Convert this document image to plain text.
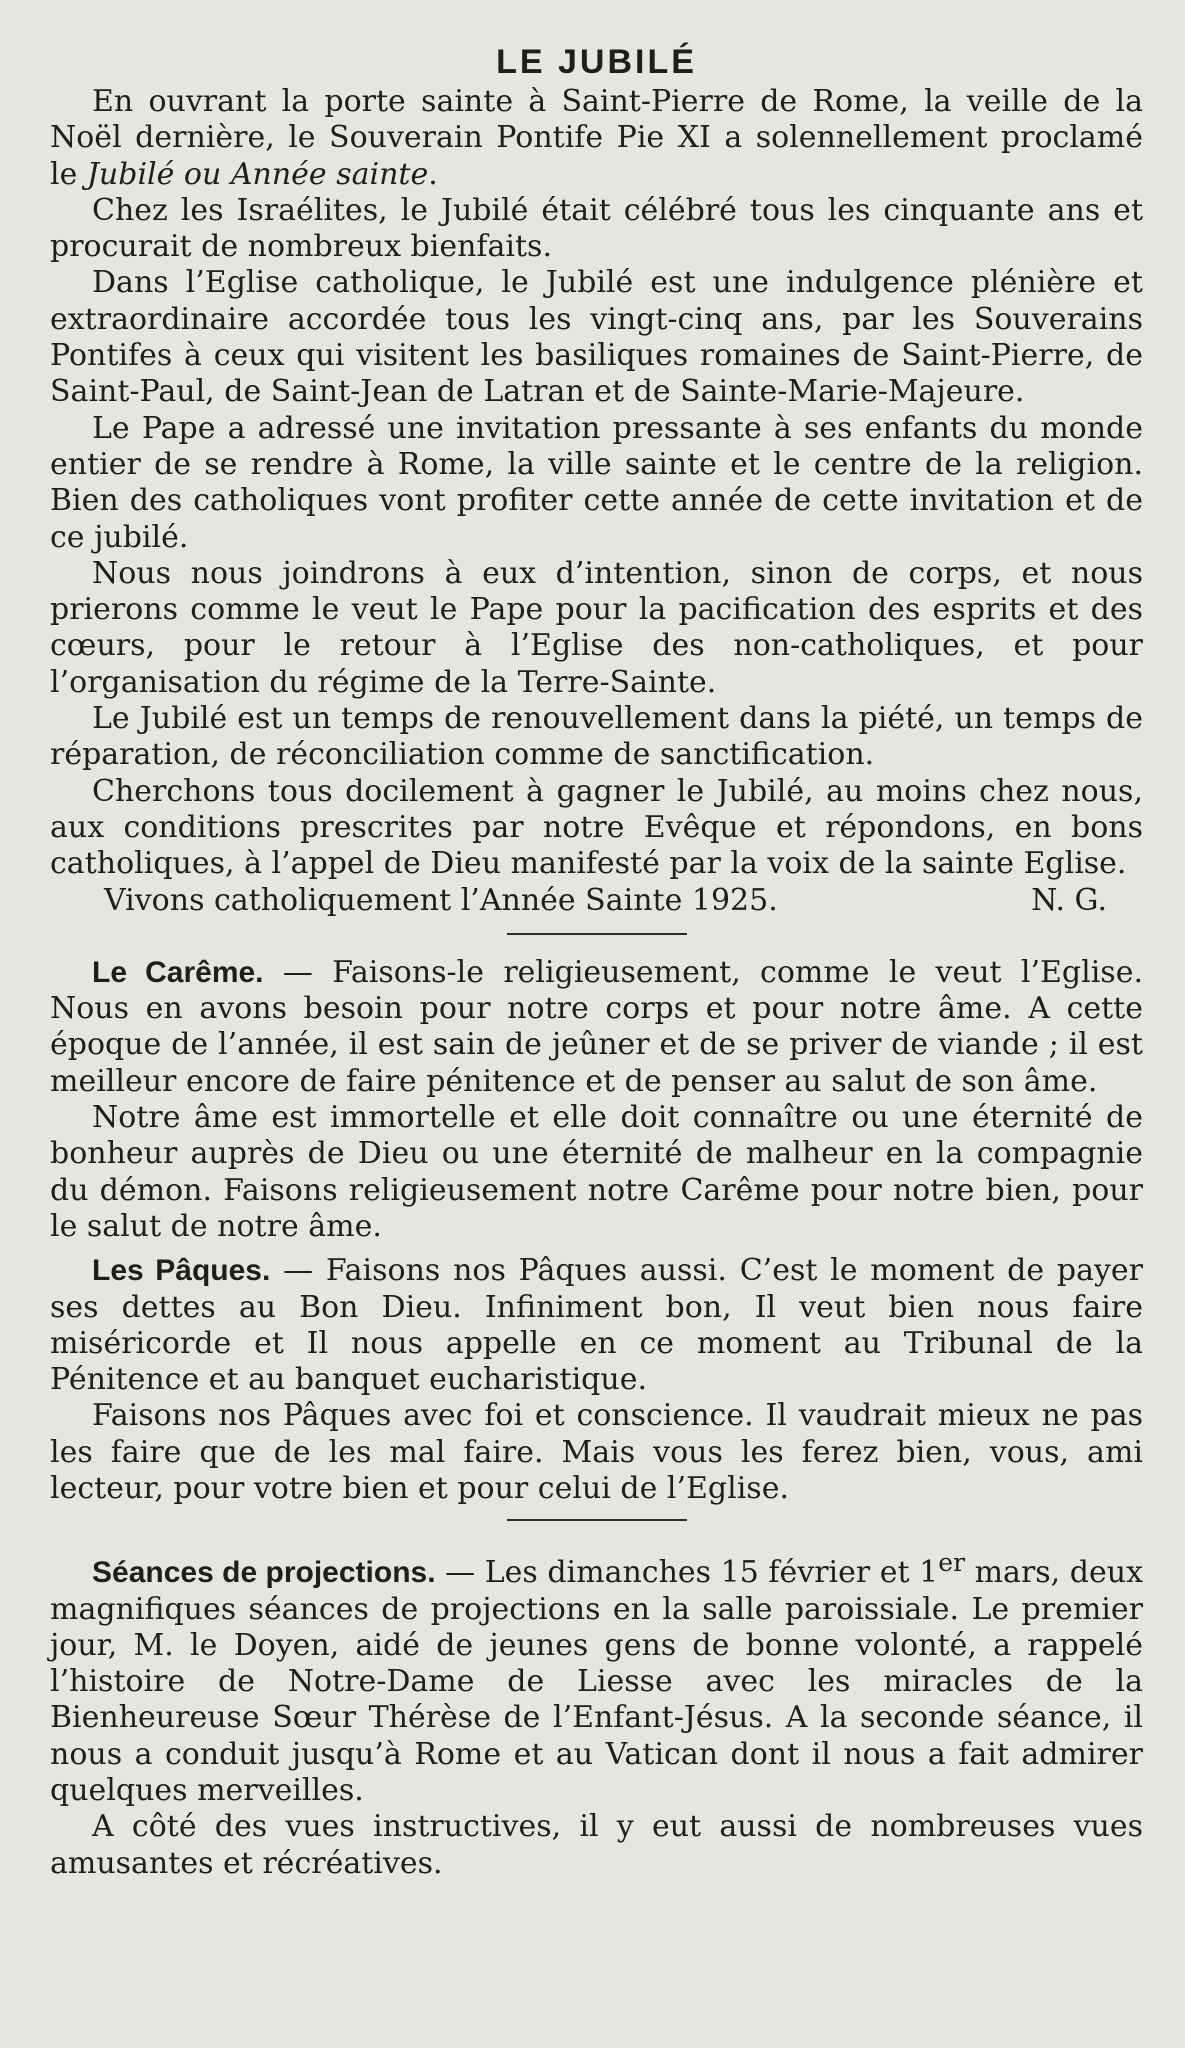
LE JUBILÉ

En ouvrant la porte sainte à Saint-Pierre de Rome, la veille de la Noël dernière, le Souverain Pontife Pie XI a solennellement proclamé le Jubilé ou Année sainte.

Chez les Israélites, le Jubilé était célébré tous les cinquante ans et procurait de nombreux bienfaits.

Dans l’Eglise catholique, le Jubilé est une indulgence plénière et extraordinaire accordée tous les vingt-cinq ans, par les Souverains Pontifes à ceux qui visitent les basiliques romaines de Saint-Pierre, de Saint-Paul, de Saint-Jean de Latran et de Sainte-Marie-Majeure.

Le Pape a adressé une invitation pressante à ses enfants du monde entier de se rendre à Rome, la ville sainte et le centre de la religion. Bien des catholiques vont profiter cette année de cette invitation et de ce jubilé.

Nous nous joindrons à eux d’intention, sinon de corps, et nous prierons comme le veut le Pape pour la pacification des esprits et des cœurs, pour le retour à l’Eglise des non-catholiques, et pour l’organisation du régime de la Terre-Sainte.

Le Jubilé est un temps de renouvellement dans la piété, un temps de réparation, de réconciliation comme de sanctification.

Cherchons tous docilement à gagner le Jubilé, au moins chez nous, aux conditions prescrites par notre Evêque et répondons, en bons catholiques, à l’appel de Dieu manifesté par la voix de la sainte Eglise.

Vivons catholiquement l’Année Sainte 1925.	N. G.

Le Carême. — Faisons-le religieusement, comme le veut l’Eglise. Nous en avons besoin pour notre corps et pour notre âme. A cette époque de l’année, il est sain de jeûner et de se priver de viande ; il est meilleur encore de faire pénitence et de penser au salut de son âme.

Notre âme est immortelle et elle doit connaître ou une éternité de bonheur auprès de Dieu ou une éternité de malheur en la compagnie du démon. Faisons religieusement notre Carême pour notre bien, pour le salut de notre âme.

Les Pâques. — Faisons nos Pâques aussi. C’est le moment de payer ses dettes au Bon Dieu. Infiniment bon, Il veut bien nous faire miséricorde et Il nous appelle en ce moment au Tribunal de la Pénitence et au banquet eucharistique.

Faisons nos Pâques avec foi et conscience. Il vaudrait mieux ne pas les faire que de les mal faire. Mais vous les ferez bien, vous, ami lecteur, pour votre bien et pour celui de l’Eglise.

Séances de projections. — Les dimanches 15 février et 1er mars, deux magnifiques séances de projections en la salle paroissiale. Le premier jour, M. le Doyen, aidé de jeunes gens de bonne volonté, a rappelé l’histoire de Notre-Dame de Liesse avec les miracles de la Bienheureuse Sœur Thérèse de l’Enfant-Jésus. A la seconde séance, il nous a conduit jusqu’à Rome et au Vatican dont il nous a fait admirer quelques merveilles.

A côté des vues instructives, il y eut aussi de nombreuses vues amusantes et récréatives.
